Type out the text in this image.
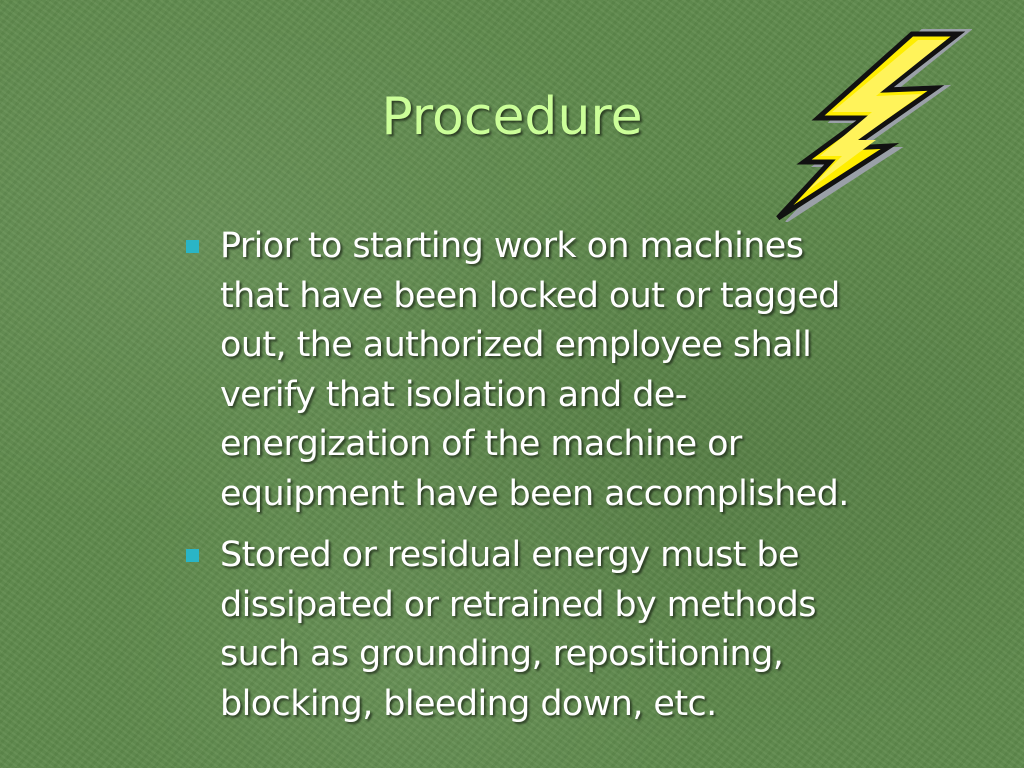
Procedure
Prior to starting work on machines
that have been locked out or tagged
out, the authorized employee shall
verify that isolation and de-
energization of the machine or
equipment have been accomplished.
Stored or residual energy must be
dissipated or retrained by methods
such as grounding, repositioning,
blocking, bleeding down, etc.
